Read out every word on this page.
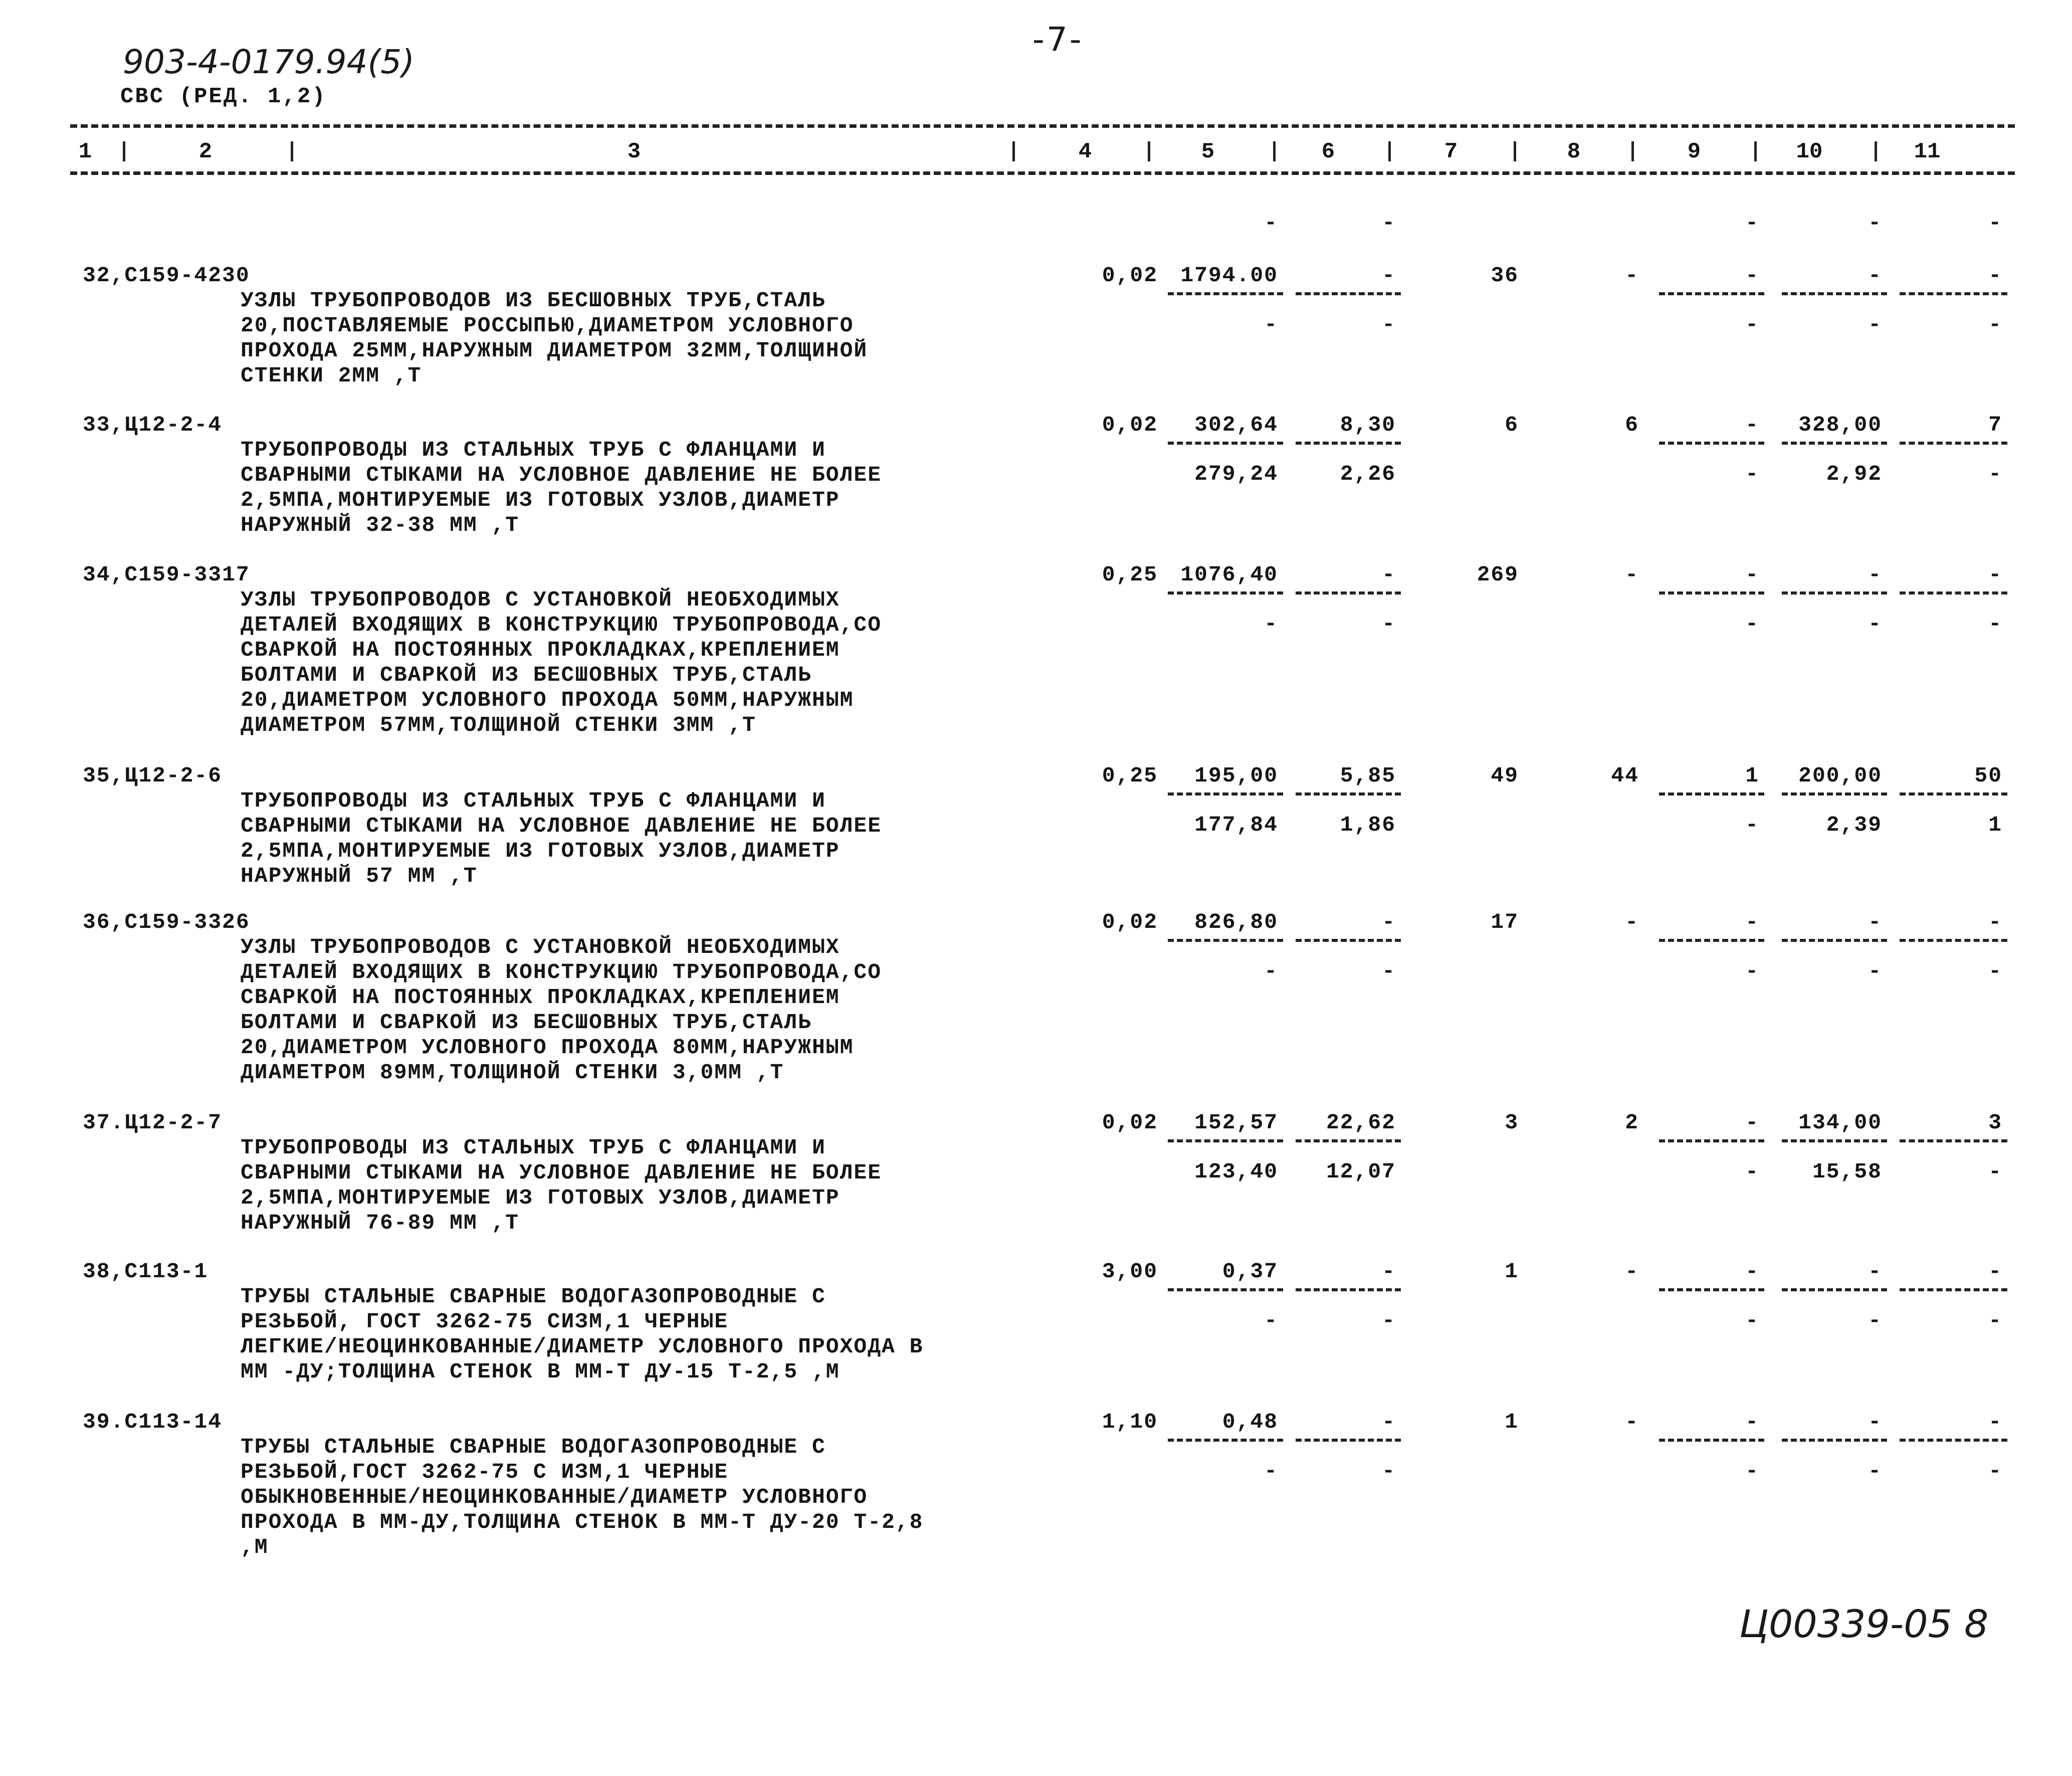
-7-
903-4-0179.94(5)
СВС (РЕД. 1,2)
1	2	3	4	5	6	7	8	9	10	11
-	-	-	-	-
32,С159-4230
УЗЛЫ ТРУБОПРОВОДОВ ИЗ БЕСШОВНЫХ ТРУБ,СТАЛЬ
20,ПОСТАВЛЯЕМЫЕ РОССЫПЬЮ,ДИАМЕТРОМ УСЛОВНОГО
ПРОХОДА 25ММ,НАРУЖНЫМ ДИАМЕТРОМ 32ММ,ТОЛЩИНОЙ
СТЕНКИ 2ММ ,Т
0,02 1794.00	-	36	-	-	-	-
-	-	-	-	-
33,Ц12-2-4
ТРУБОПРОВОДЫ ИЗ СТАЛЬНЫХ ТРУБ С ФЛАНЦАМИ И
СВАРНЫМИ СТЫКАМИ НА УСЛОВНОЕ ДАВЛЕНИЕ НЕ БОЛЕЕ
2,5МПА,МОНТИРУЕМЫЕ ИЗ ГОТОВЫХ УЗЛОВ,ДИАМЕТР
НАРУЖНЫЙ 32-38 ММ ,Т
0,02 302,64	8,30	6	6	- 328,00	7
279,24	2,26	-	2,92	-
34,С159-3317
УЗЛЫ ТРУБОПРОВОДОВ С УСТАНОВКОЙ НЕОБХОДИМЫХ
ДЕТАЛЕЙ ВХОДЯЩИХ В КОНСТРУКЦИЮ ТРУБОПРОВОДА,СО
СВАРКОЙ НА ПОСТОЯННЫХ ПРОКЛАДКАХ,КРЕПЛЕНИЕМ
БОЛТАМИ И СВАРКОЙ ИЗ БЕСШОВНЫХ ТРУБ,СТАЛЬ
20,ДИАМЕТРОМ УСЛОВНОГО ПРОХОДА 50ММ,НАРУЖНЫМ
ДИАМЕТРОМ 57ММ,ТОЛЩИНОЙ СТЕНКИ 3ММ ,Т
0,25 1076,40	-	269	-	-	-	-
-	-	-	-	-
35,Ц12-2-6
ТРУБОПРОВОДЫ ИЗ СТАЛЬНЫХ ТРУБ С ФЛАНЦАМИ И
СВАРНЫМИ СТЫКАМИ НА УСЛОВНОЕ ДАВЛЕНИЕ НЕ БОЛЕЕ
2,5МПА,МОНТИРУЕМЫЕ ИЗ ГОТОВЫХ УЗЛОВ,ДИАМЕТР
НАРУЖНЫЙ 57 ММ ,Т
0,25 195,00	5,85	49	44	1 200,00	50
177,84	1,86	-	2,39	1
36,С159-3326
УЗЛЫ ТРУБОПРОВОДОВ С УСТАНОВКОЙ НЕОБХОДИМЫХ
ДЕТАЛЕЙ ВХОДЯЩИХ В КОНСТРУКЦИЮ ТРУБОПРОВОДА,СО
СВАРКОЙ НА ПОСТОЯННЫХ ПРОКЛАДКАХ,КРЕПЛЕНИЕМ
БОЛТАМИ И СВАРКОЙ ИЗ БЕСШОВНЫХ ТРУБ,СТАЛЬ
20,ДИАМЕТРОМ УСЛОВНОГО ПРОХОДА 80ММ,НАРУЖНЫМ
ДИАМЕТРОМ 89ММ,ТОЛЩИНОЙ СТЕНКИ 3,0ММ ,Т
0,02 826,80	-	17	-	-	-	-
-	-	-	-	-
37.Ц12-2-7
ТРУБОПРОВОДЫ ИЗ СТАЛЬНЫХ ТРУБ С ФЛАНЦАМИ И
СВАРНЫМИ СТЫКАМИ НА УСЛОВНОЕ ДАВЛЕНИЕ НЕ БОЛЕЕ
2,5МПА,МОНТИРУЕМЫЕ ИЗ ГОТОВЫХ УЗЛОВ,ДИАМЕТР
НАРУЖНЫЙ 76-89 ММ ,Т
0,02 152,57 22,62	3	2	- 134,00	3
123,40 12,07	- 15,58	-
38,С113-1
ТРУБЫ СТАЛЬНЫЕ СВАРНЫЕ ВОДОГАЗОПРОВОДНЫЕ С
РЕЗЬБОЙ, ГОСТ 3262-75 СИЗМ,1 ЧЕРНЫЕ
ЛЕГКИЕ/НЕОЦИНКОВАННЫЕ/ДИАМЕТР УСЛОВНОГО ПРОХОДА В
ММ -ДУ;ТОЛЩИНА СТЕНОК В ММ-Т ДУ-15 Т-2,5 ,М
3,00	0,37	-	1	-	-	-	-
-	-	-	-	-
39.С113-14
ТРУБЫ СТАЛЬНЫЕ СВАРНЫЕ ВОДОГАЗОПРОВОДНЫЕ С
РЕЗЬБОЙ,ГОСТ 3262-75 С ИЗМ,1 ЧЕРНЫЕ
ОБЫКНОВЕННЫЕ/НЕОЦИНКОВАННЫЕ/ДИАМЕТР УСЛОВНОГО
ПРОХОДА В ММ-ДУ,ТОЛЩИНА СТЕНОК В ММ-Т ДУ-20 Т-2,8
,М
1,10	0,48	-	1	-	-	-	-
-	-	-	-	-
Ц00339-05 8
